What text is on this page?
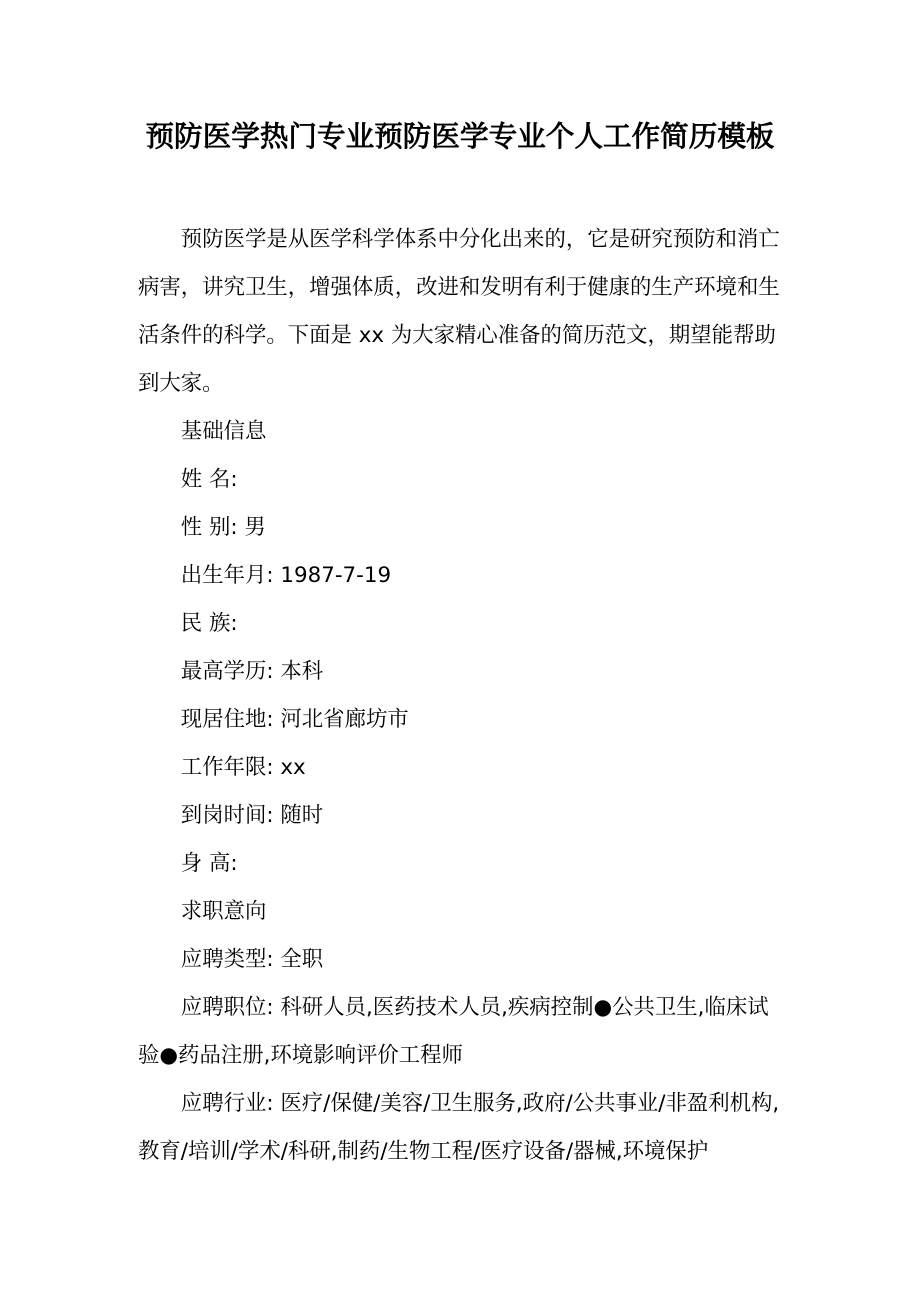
预防医学热门专业预防医学专业个人工作简历模板

预防医学是从医学科学体系中分化出来的，它是研究预防和消亡病害，讲究卫生，增强体质，改进和发明有利于健康的生产环境和生活条件的科学。下面是 xx 为大家精心准备的简历范文，期望能帮助到大家。

基础信息

姓 名:

性 别: 男

出生年月: 1987-7-19

民 族:

最高学历: 本科

现居住地: 河北省廊坊市

工作年限: xx

到岗时间: 随时

身 高:

求职意向

应聘类型: 全职

应聘职位: 科研人员,医药技术人员,疾病控制●公共卫生,临床试验●药品注册,环境影响评价工程师

应聘行业: 医疗/保健/美容/卫生服务,政府/公共事业/非盈利机构,教育/培训/学术/科研,制药/生物工程/医疗设备/器械,环境保护
